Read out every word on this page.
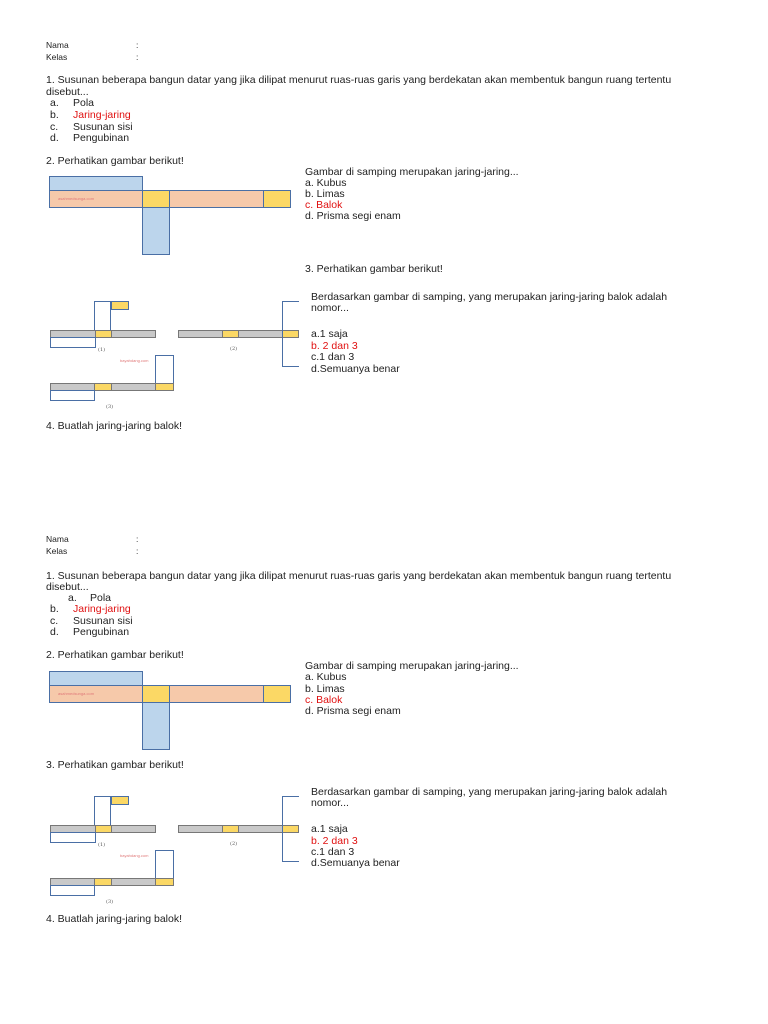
Nama	:
Kelas	:
1. Susunan beberapa bangun datar yang jika dilipat menurut ruas-ruas garis yang berdekatan akan membentuk bangun ruang tertentu
disebut...
a. Pola
b. Jaring-jaring
c. Susunan sisi
d. Pengubinan
2. Perhatikan gambar berikut!
asahmedsunga.com
Gambar di samping merupakan jaring-jaring...
a. Kubus
b. Limas
c. Balok
d. Prisma segi enam
3. Perhatikan gambar berikut!
(1)	(2)
bayahdang.com
(3)
Berdasarkan gambar di samping, yang merupakan jaring-jaring balok adalah
nomor...
a.1 saja
b. 2 dan 3
c.1 dan 3
d.Semuanya benar
4. Buatlah jaring-jaring balok!
Nama	:
Kelas	:
1. Susunan beberapa bangun datar yang jika dilipat menurut ruas-ruas garis yang berdekatan akan membentuk bangun ruang tertentu
disebut...
a. Pola
b. Jaring-jaring
c. Susunan sisi
d. Pengubinan
2. Perhatikan gambar berikut!
asahmedsunga.com
Gambar di samping merupakan jaring-jaring...
a. Kubus
b. Limas
c. Balok
d. Prisma segi enam
3. Perhatikan gambar berikut!
(1)	(2)
bayahdang.com
(3)
Berdasarkan gambar di samping, yang merupakan jaring-jaring balok adalah
nomor...
a.1 saja
b. 2 dan 3
c.1 dan 3
d.Semuanya benar
4. Buatlah jaring-jaring balok!
